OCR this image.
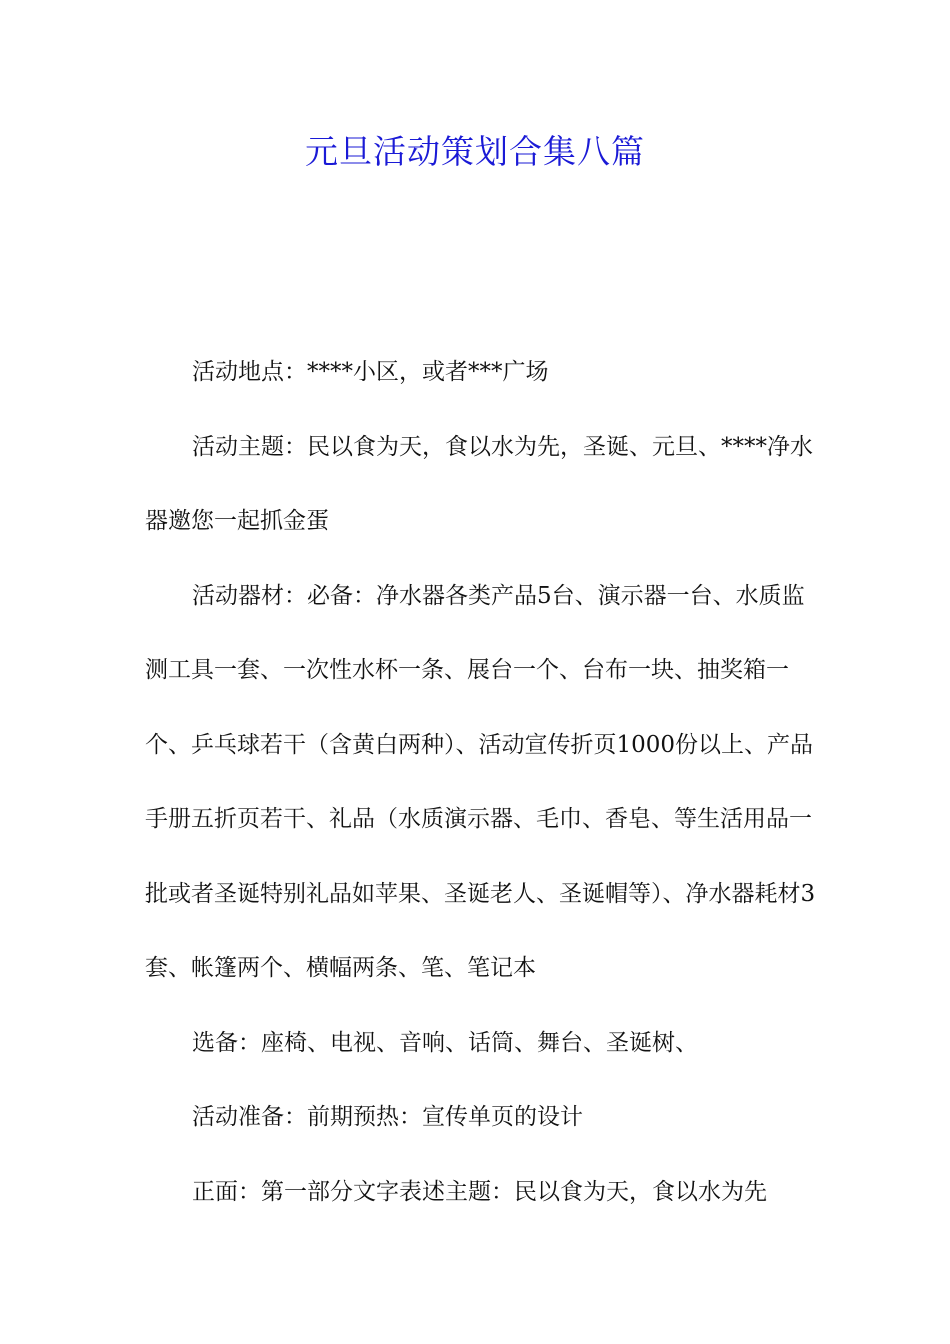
元旦活动策划合集八篇

活动地点：****小区，或者***广场

活动主题：民以食为天，食以水为先，圣诞、元旦、****净水器邀您一起抓金蛋

活动器材：必备：净水器各类产品5台、演示器一台、水质监测工具一套、一次性水杯一条、展台一个、台布一块、抽奖箱一个、乒乓球若干（含黄白两种）、活动宣传折页1000份以上、产品手册五折页若干、礼品（水质演示器、毛巾、香皂、等生活用品一批或者圣诞特别礼品如苹果、圣诞老人、圣诞帽等）、净水器耗材3套、帐篷两个、横幅两条、笔、笔记本

选备：座椅、电视、音响、话筒、舞台、圣诞树、

活动准备：前期预热：宣传单页的设计

正面：第一部分文字表述主题：民以食为天，食以水为先
